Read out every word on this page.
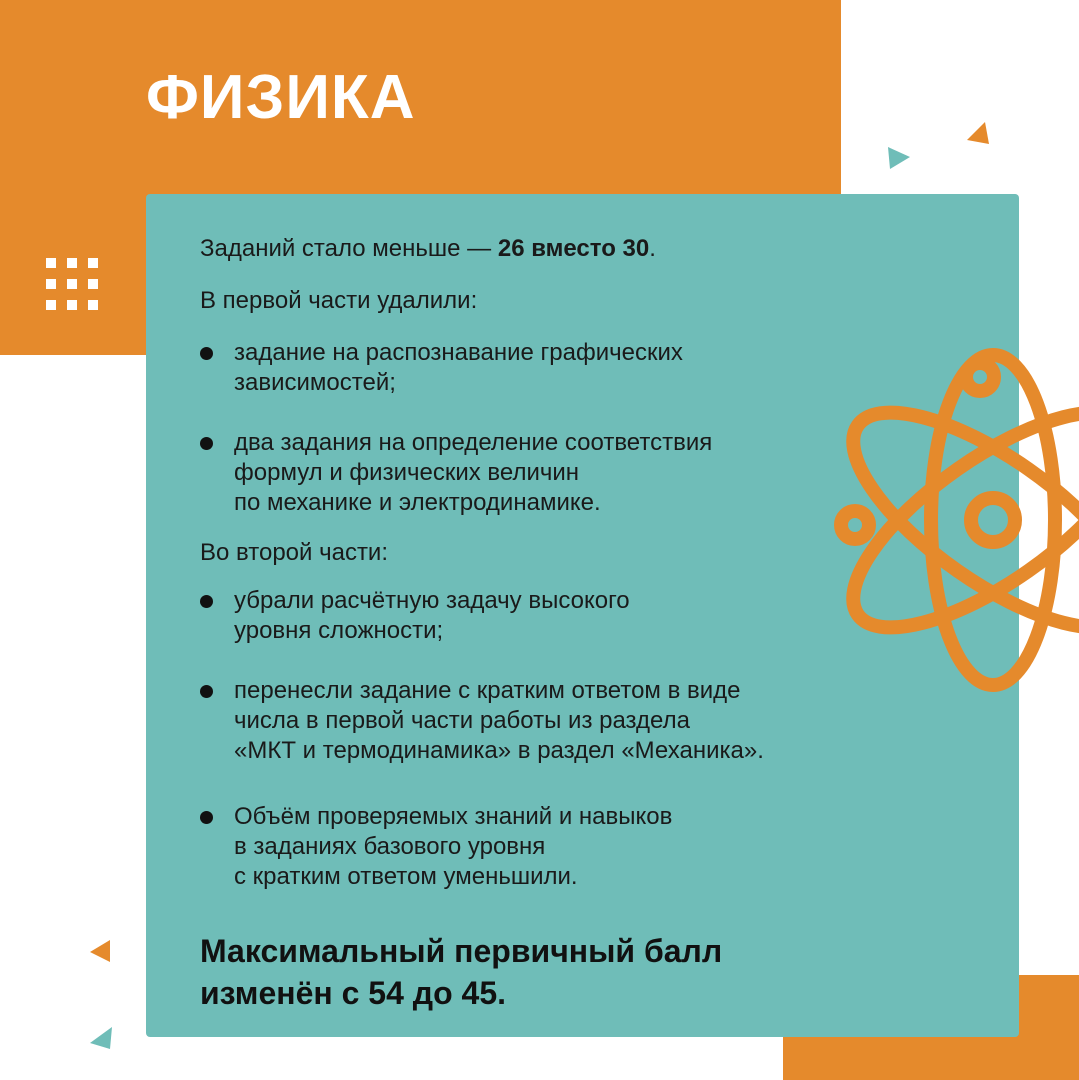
ФИЗИКА

Заданий стало меньше — 26 вместо 30.

В первой части удалили:

задание на распознавание графических
зависимостей;
два задания на определение соответствия
формул и физических величин
по механике и электродинамике.

Во второй части:

убрали расчётную задачу высокого
уровня сложности;
перенесли задание с кратким ответом в виде
числа в первой части работы из раздела
«МКТ и термодинамика» в раздел «Механика».
Объём проверяемых знаний и навыков
в заданиях базового уровня
с кратким ответом уменьшили.

Максимальный первичный балл
изменён с 54 до 45.
